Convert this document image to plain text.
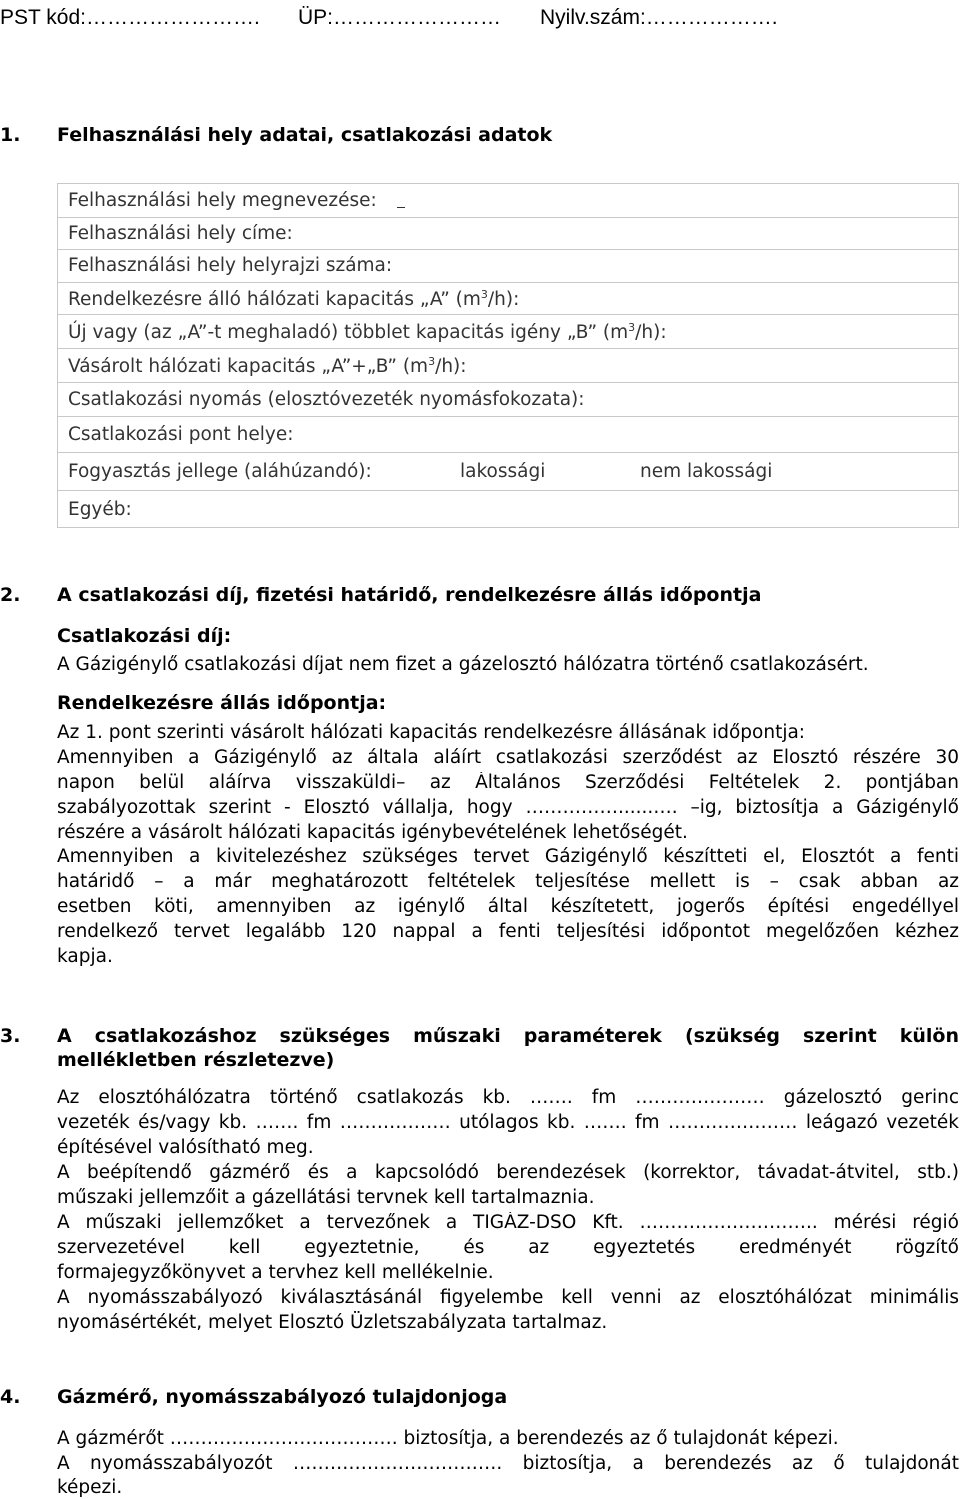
PST kód:……………………. ÜP:…………………… Nyilv.szám:……………….
1. Felhasználási hely adatai, csatlakozási adatok
Felhasználási hely megnevezése:
Felhasználási hely címe:
Felhasználási hely helyrajzi száma:
Rendelkezésre álló hálózati kapacitás „A” $(m^3/h)$:
Új vagy (az „A”-t meghaladó) többlet kapacitás igény „B” $(m^3/h)$:
Vásárolt hálózati kapacitás „A”+„B” $(m^3/h)$:
Csatlakozási nyomás (elosztóvezeték nyomásfokozata):
Csatlakozási pont helye:
Fogyasztás jellege (aláhúzandó):	lakossági	nem lakossági
Egyéb:
2. A csatlakozási díj, fizetési határidő, rendelkezésre állás időpontja
Csatlakozási díj:
A Gázigénylő csatlakozási díjat nem fizet a gázelosztó hálózatra történő csatlakozásért.
Rendelkezésre állás időpontja:
Az 1. pont szerinti vásárolt hálózati kapacitás rendelkezésre állásának időpontja:
Amennyiben a Gázigénylő az általa aláírt csatlakozási szerződést az Elosztó részére 30
napon belül aláírva visszaküldi– az Általános Szerződési Feltételek 2. pontjában
szabályozottak szerint - Elosztó vállalja, hogy ……………......…. –ig, biztosítja a Gázigénylő
részére a vásárolt hálózati kapacitás igénybevételének lehetőségét.
Amennyiben a kivitelezéshez szükséges tervet Gázigénylő készítteti el, Elosztót a fenti
határidő – a már meghatározott feltételek teljesítése mellett is – csak abban az
esetben köti, amennyiben az igénylő által készítetett, jogerős építési engedéllyel
rendelkező tervet legalább 120 nappal a fenti teljesítési időpontot megelőzően kézhez
kapja.
3. A csatlakozáshoz szükséges műszaki paraméterek (szükség szerint külön
mellékletben részletezve)
Az elosztóhálózatra történő csatlakozás kb. ……. fm ………………… gázelosztó gerinc
vezeték és/vagy kb. ……. fm ……………… utólagos kb. ……. fm ………………… leágazó vezeték
építésével valósítható meg.
A beépítendő gázmérő és a kapcsolódó berendezések (korrektor, távadat-átvitel, stb.)
műszaki jellemzőit a gázellátási tervnek kell tartalmaznia.
A műszaki jellemzőket a tervezőnek a TIGÁZ-DSO Kft. ……………………….. mérési régió
szervezetével kell egyeztetnie, és az egyeztetés eredményét rögzítő
formajegyzőkönyvet a tervhez kell mellékelnie.
A nyomásszabályozó kiválasztásánál figyelembe kell venni az elosztóhálózat minimális
nyomásértékét, melyet Elosztó Üzletszabályzata tartalmaz.
4. Gázmérő, nyomásszabályozó tulajdonjoga
A gázmérőt ………………………………. biztosítja, a berendezés az ő tulajdonát képezi.
A nyomásszabályozót ……………………………. biztosítja, a berendezés az ő tulajdonát
képezi.
